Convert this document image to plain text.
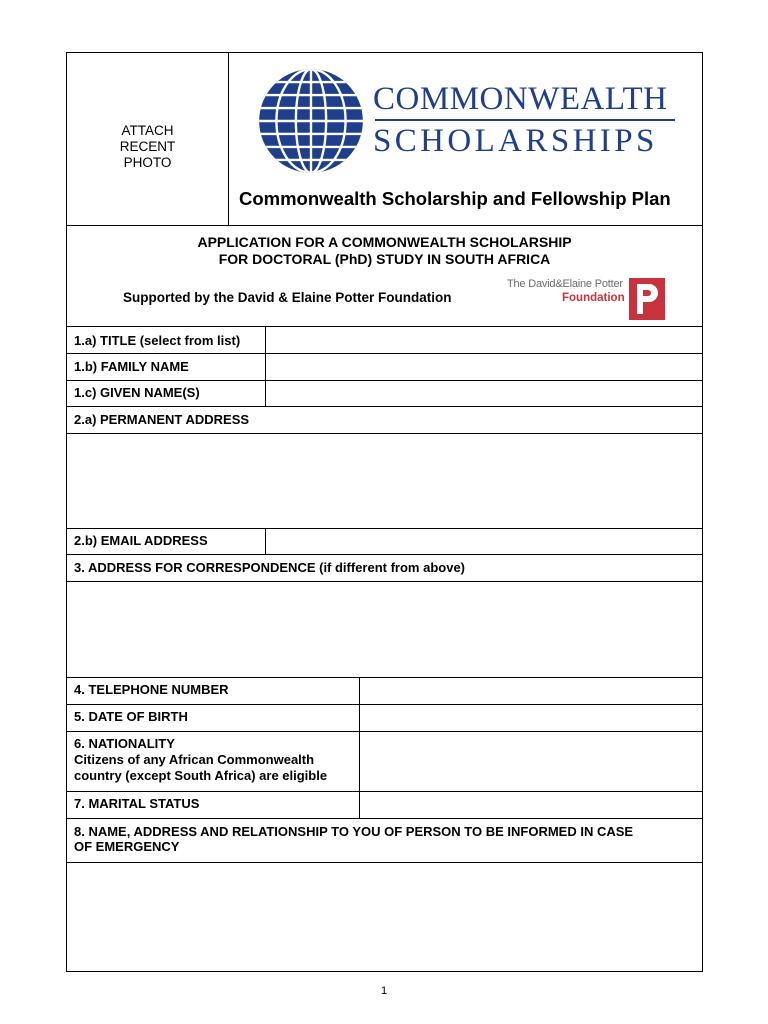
ATTACH RECENT PHOTO
COMMONWEALTH
SCHOLARSHIPS
Commonwealth Scholarship and Fellowship Plan
APPLICATION FOR A COMMONWEALTH SCHOLARSHIP
FOR DOCTORAL (PhD) STUDY IN SOUTH AFRICA
Supported by the David & Elaine Potter Foundation
The David&Elaine Potter
Foundation
1.a) TITLE (select from list)
1.b) FAMILY NAME
1.c) GIVEN NAME(S)
2.a) PERMANENT ADDRESS
2.b) EMAIL ADDRESS
3. ADDRESS FOR CORRESPONDENCE (if different from above)
4. TELEPHONE NUMBER
5. DATE OF BIRTH
6. NATIONALITY
Citizens of any African Commonwealth
country (except South Africa) are eligible
7. MARITAL STATUS
8. NAME, ADDRESS AND RELATIONSHIP TO YOU OF PERSON TO BE INFORMED IN CASE
OF EMERGENCY
1
